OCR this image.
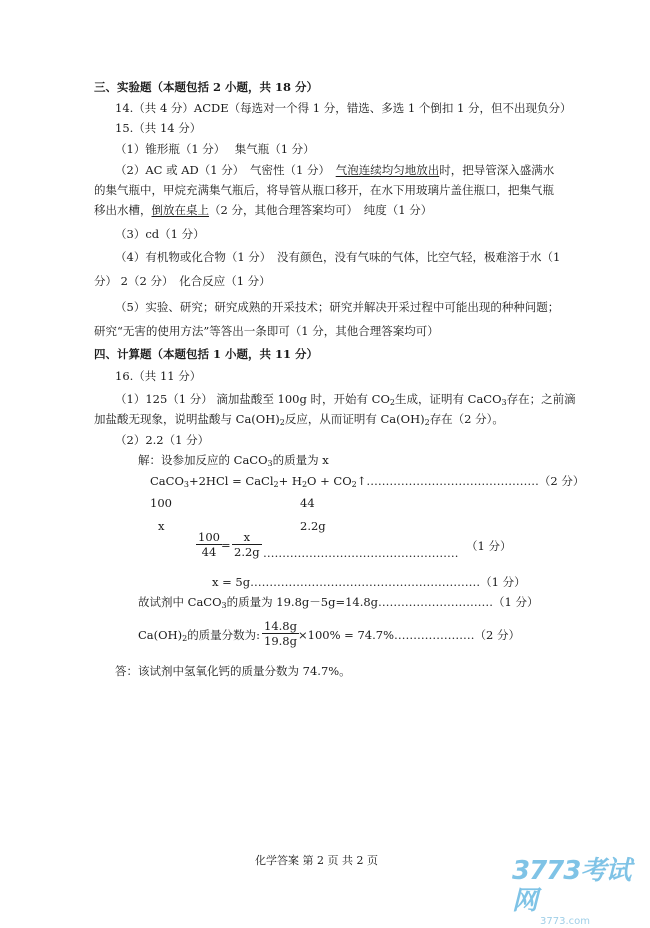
三、实验题（本题包括 2 小题，共 18 分）
14.（共 4 分）ACDE（每选对一个得 1 分，错选、多选 1 个倒扣 1 分，但不出现负分）
15.（共 14 分）
（1）锥形瓶（1 分）　 集气瓶（1 分）
（2）AC 或 AD（1 分）　气密性（1 分）　气泡连续均匀地放出时，把导管深入盛满水
的集气瓶中，甲烷充满集气瓶后，将导管从瓶口移开，在水下用玻璃片盖住瓶口，把集气瓶
移出水槽，倒放在桌上（2 分，其他合理答案均可）　纯度（1 分）
（3）cd（1 分）
（4）有机物或化合物（1 分）　没有颜色，没有气味的气体，比空气轻，极难溶于水（1
分） 2（2 分）　化合反应（1 分）
（5）实验、研究；研究成熟的开采技术；研究并解决开采过程中可能出现的种种问题；
研究“无害的使用方法”等答出一条即可（1 分，其他合理答案均可）
四、计算题（本题包括 1 小题，共 11 分）
16.（共 11 分）
（1）125（1 分） 滴加盐酸至 100g 时，开始有 $CO_2$生成，证明有 CaCO$_3$存在；之前滴
加盐酸无现象，说明盐酸与 $Ca(OH)_2$反应，从而证明有 $Ca(OH)_2$存在（2 分）。
（2）2.2（1 分）
解：设参加反应的 CaCO$_3$的质量为 x
CaCO$_3$+2HCl = CaCl$_2$+ $H_2O$ + $CO_2↑\dots\dots\dots\dots\dots\dots\dots\dots\dots\dots\dots\dots\dots\dots\dots(2$ 分）
100	44
x	2.2g
100
44 =
x
2.2g …………………………………………… （1 分）
x = 5g……………………………………………………（1 分）
故试剂中 CaCO$_3$的质量为 19.8g－5g=14.8g…………………………（1 分）
$Ca(OH)_2$的质量分数为:
14.8g
19.8g ×100% = 74.7%…………………（2 分）
答：该试剂中氢氧化钙的质量分数为 74.7%。
化学答案 第 2 页 共 2 页	3773考试网
3773.com
